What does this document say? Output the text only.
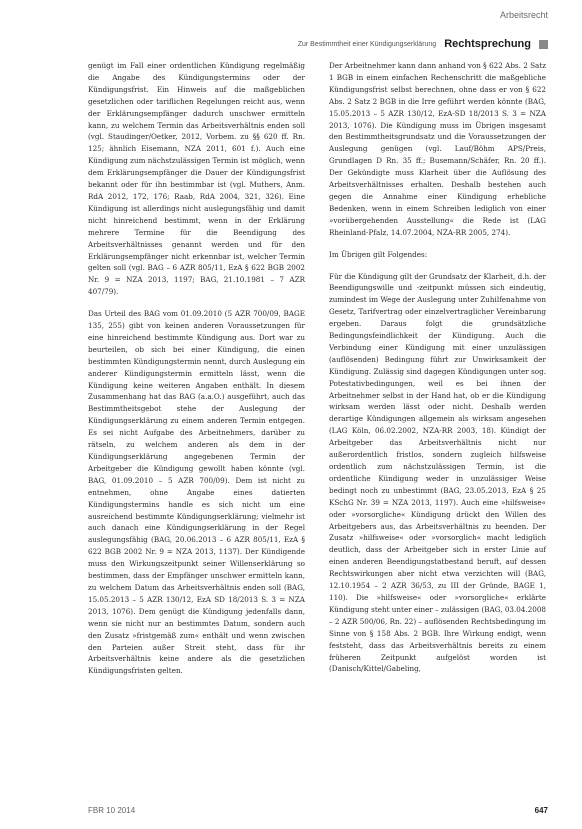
Arbeitsrecht
Zur Bestimmtheit einer Kündigungserklärung Rechtsprechung

genügt im Fall einer ordentlichen Kündigung regelmäßig die Angabe des Kündigungstermins oder der Kündigungsfrist. Ein Hinweis auf die maßgeblichen gesetzlichen oder tariflichen Regelungen reicht aus, wenn der Erklärungsempfänger dadurch unschwer ermitteln kann, zu welchem Termin das Arbeitsverhältnis enden soll (vgl. Staudinger/Oetker, 2012, Vorbem. zu §§ 620 ff. Rn. 125; ähnlich Eisemann, NZA 2011, 601 f.). Auch eine Kündigung zum nächstzulässigen Termin ist möglich, wenn dem Erklärungsempfänger die Dauer der Kündigungsfrist bekannt oder für ihn bestimmbar ist (vgl. Muthers, Anm. RdA 2012, 172, 176; Raab, RdA 2004, 321, 326). Eine Kündigung ist allerdings nicht auslegungsfähig und damit nicht hinreichend bestimmt, wenn in der Erklärung mehrere Termine für die Beendigung des Arbeitsverhältnisses genannt werden und für den Erklärungsempfänger nicht erkennbar ist, welcher Termin gelten soll (vgl. BAG – 6 AZR 805/11, EzA § 622 BGB 2002 Nr. 9 = NZA 2013, 1197; BAG, 21.10.1981 – 7 AZR 407/79).

Das Urteil des BAG vom 01.09.2010 (5 AZR 700/09, BAGE 135, 255) gibt von keinen anderen Voraussetzungen für eine hinreichend bestimmte Kündigung aus. Dort war zu beurteilen, ob sich bei einer Kündigung, die einen bestimmten Kündigungstermin nennt, durch Auslegung ein anderer Kündigungstermin ermitteln lässt, wenn die Kündigung keine weiteren Angaben enthält. In diesem Zusammenhang hat das BAG (a.a.O.) ausgeführt, auch das Bestimmtheitsgebot stehe der Auslegung der Kündigungserklärung zu einem anderen Termin entgegen. Es sei nicht Aufgabe des Arbeitnehmers, darüber zu rätseln, zu welchem anderen als dem in der Kündigungserklärung angegebenen Termin der Arbeitgeber die Kündigung gewollt haben könnte (vgl. BAG, 01.09.2010 – 5 AZR 700/09). Dem ist nicht zu entnehmen, ohne Angabe eines datierten Kündigungstermins handle es sich nicht um eine ausreichend bestimmte Kündigungserklärung; vielmehr ist auch danach eine Kündigungserklärung in der Regel auslegungsfähig (BAG, 20.06.2013 – 6 AZR 805/11, EzA § 622 BGB 2002 Nr. 9 = NZA 2013, 1137). Der Kündigende muss den Wirkungszeitpunkt seiner Willenserklärung so bestimmen, dass der Empfänger unschwer ermitteln kann, zu welchem Datum das Arbeitsverhältnis enden soll (BAG, 15.05.2013 – 5 AZR 130/12, EzA SD 18/2013 S. 3 = NZA 2013, 1076). Dem genügt die Kündigung jedenfalls dann, wenn sie nicht nur an bestimmtes Datum, sondern auch den Zusatz »fristgemäß zum« enthält und wenn zwischen den Parteien außer Streit steht, dass für ihr Arbeitsverhältnis keine andere als die gesetzlichen Kündigungsfristen gelten.

Der Arbeitnehmer kann dann anhand von § 622 Abs. 2 Satz 1 BGB in einem einfachen Rechenschritt die maßgebliche Kündigungsfrist selbst berechnen, ohne dass er von § 622 Abs. 2 Satz 2 BGB in die Irre geführt werden könnte (BAG, 15.05.2013 – 5 AZR 130/12, EzA-SD 18/2013 S. 3 = NZA 2013, 1076). Die Kündigung muss im Übrigen insgesamt den Bestimmtheitsgrundsatz und die Voraussetzungen der Auslegung genügen (vgl. Lauf/Böhm APS/Preis, Grundlagen D Rn. 35 ff.; Busemann/Schäfer, Rn. 20 ff.). Der Gekündigte muss Klarheit über die Auflösung des Arbeitsverhältnisses erhalten. Deshalb bestehen auch gegen die Annahme einer Kündigung erhebliche Bedenken, wenn in einem Schreiben lediglich von einer »vorübergehenden Ausstellung« die Rede ist (LAG Rheinland-Pfalz, 14.07.2004, NZA-RR 2005, 274).

Im Übrigen gilt Folgendes:

Für die Kündigung gilt der Grundsatz der Klarheit, d.h. der Beendigungswille und -zeitpunkt müssen sich eindeutig, zumindest im Wege der Auslegung unter Zuhilfenahme von Gesetz, Tarifvertrag oder einzelvertraglicher Vereinbarung ergeben. Daraus folgt die grundsätzliche Bedingungsfeindlichkeit der Kündigung. Auch die Verbindung einer Kündigung mit einer unzulässigen (auflösenden) Bedingung führt zur Unwirksamkeit der Kündigung. Zulässig sind dagegen Kündigungen unter sog. Potestativbedingungen, weil es bei ihnen der Arbeitnehmer selbst in der Hand hat, ob er die Kündigung wirksam werden lässt oder nicht. Deshalb werden derartige Kündigungen allgemein als wirksam angesehen (LAG Köln, 06.02.2002, NZA-RR 2003, 18). Kündigt der Arbeitgeber das Arbeitsverhältnis nicht nur außerordentlich fristlos, sondern zugleich hilfsweise ordentlich zum nächstzulässigen Termin, ist die ordentliche Kündigung weder in unzulässiger Weise bedingt noch zu unbestimmt (BAG, 23.05.2013, EzA § 25 KSchG Nr. 39 = NZA 2013, 1197). Auch eine »hilfsweise« oder »vorsorgliche« Kündigung drückt den Willen des Arbeitgebers aus, das Arbeitsverhältnis zu beenden. Der Zusatz »hilfsweise« oder »vorsorglich« macht lediglich deutlich, dass der Arbeitgeber sich in erster Linie auf einen anderen Beendigungstatbestand beruft, auf dessen Rechtswirkungen aber nicht etwa verzichten will (BAG, 12.10.1954 – 2 AZR 36/53, zu III der Gründe, BAGE 1, 110). Die »hilfsweise« oder »vorsorgliche« erklärte Kündigung steht unter einer – zulässigen (BAG, 03.04.2008 – 2 AZR 500/06, Rn. 22) – auflösenden Rechtsbedingung im Sinne von § 158 Abs. 2 BGB. Ihre Wirkung endigt, wenn feststeht, dass das Arbeitsverhältnis bereits zu einem früheren Zeitpunkt aufgelöst worden ist (Danisch/Kittel/Gabeling,

FBR 10 2014	647
